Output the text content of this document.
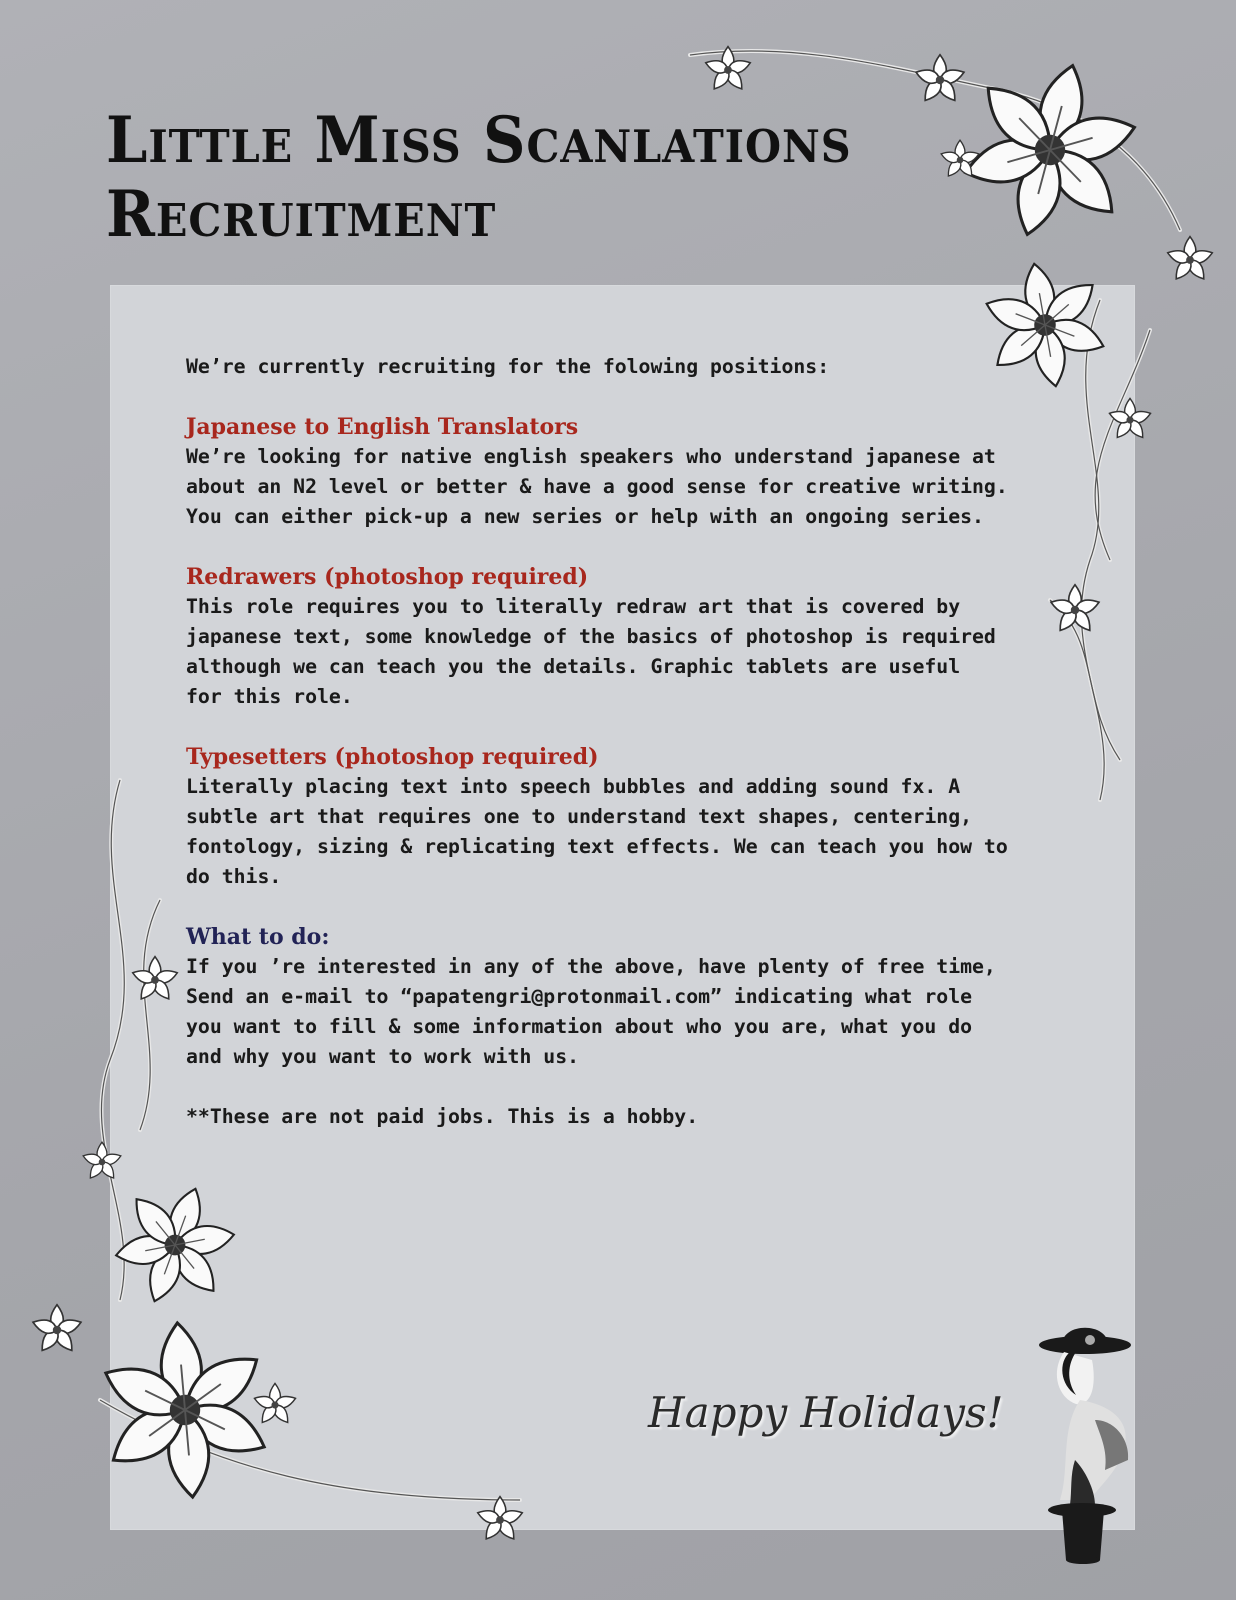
Little Miss Scanlations
Recruitment

We’re currently recruiting for the folowing positions:

Japanese to English Translators

We’re looking for native english speakers who understand japanese at
about an N2 level or better & have a good sense for creative writing.
You can either pick-up a new series or help with an ongoing series.

Redrawers (photoshop required)

This role requires you to literally redraw art that is covered by
japanese text, some knowledge of the basics of photoshop is required
although we can teach you the details. Graphic tablets are useful
for this role.

Typesetters (photoshop required)

Literally placing text into speech bubbles and adding sound fx. A
subtle art that requires one to understand text shapes, centering,
fontology, sizing & replicating text effects. We can teach you how to
do this.

What to do:

If you ’re interested in any of the above, have plenty of free time,
Send an e-mail to “papatengri@protonmail.com” indicating what role
you want to fill & some information about who you are, what you do
and why you want to work with us.

**These are not paid jobs. This is a hobby.

Happy Holidays!
